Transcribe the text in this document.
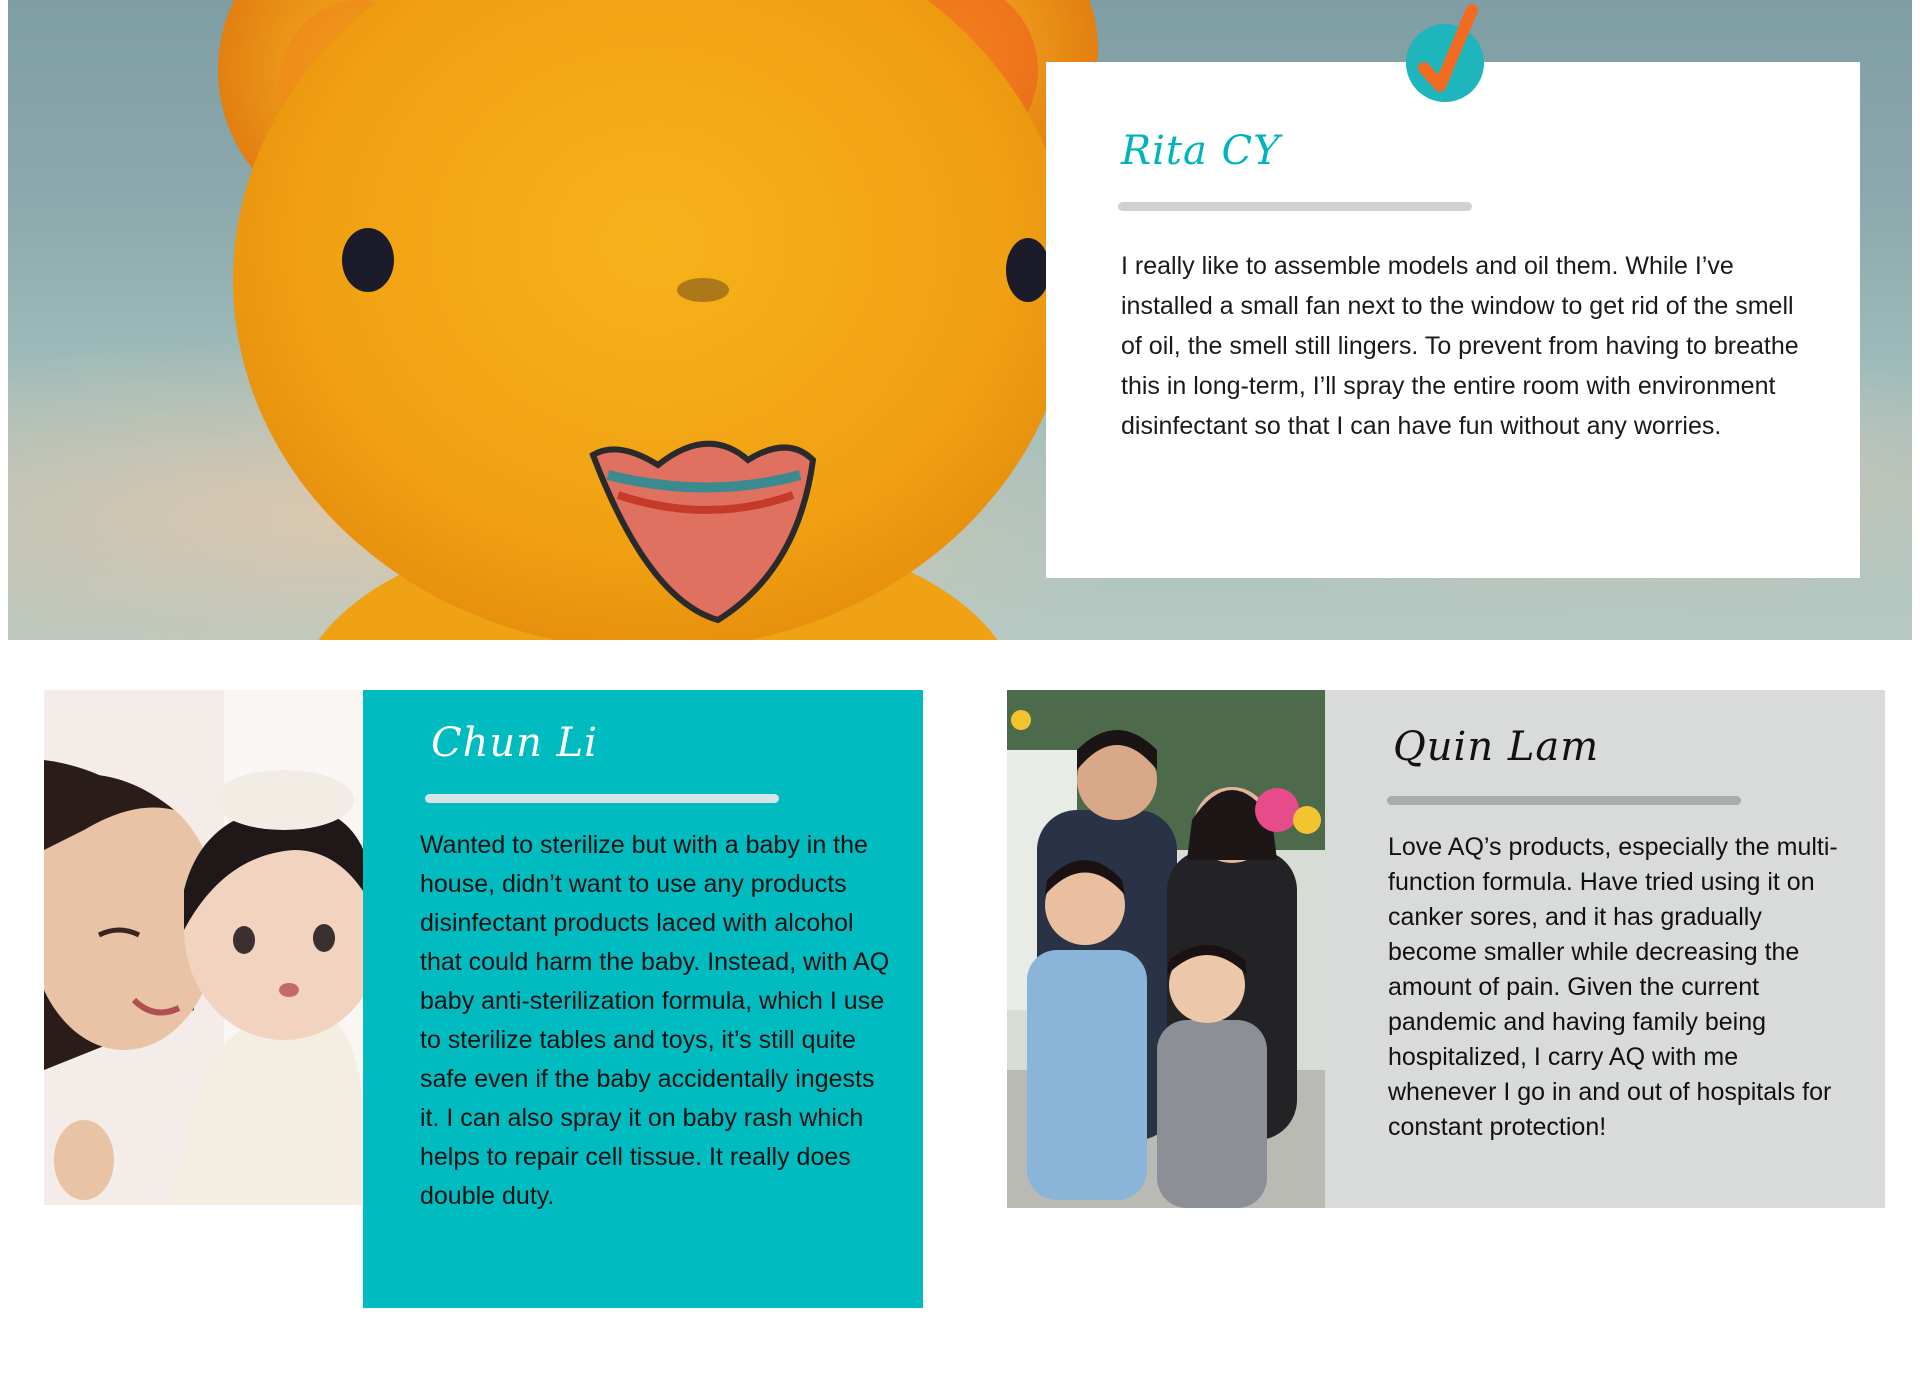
Rita CY

I really like to assemble models and oil them. While I’ve installed a small fan next to the window to get rid of the smell of oil, the smell still lingers. To prevent from having to breathe this in long-term, I’ll spray the entire room with environment disinfectant so that I can have fun without any worries.

Chun Li

Wanted to sterilize but with a baby in the house, didn’t want to use any products disinfectant products laced with alcohol that could harm the baby. Instead, with AQ baby anti-sterilization formula, which I use to sterilize tables and toys, it’s still quite safe even if the baby accidentally ingests it. I can also spray it on baby rash which helps to repair cell tissue. It really does double duty.

Quin Lam

Love AQ’s products, especially the multi-function formula. Have tried using it on canker sores, and it has gradually become smaller while decreasing the amount of pain. Given the current pandemic and having family being hospitalized, I carry AQ with me whenever I go in and out of hospitals for constant protection!
